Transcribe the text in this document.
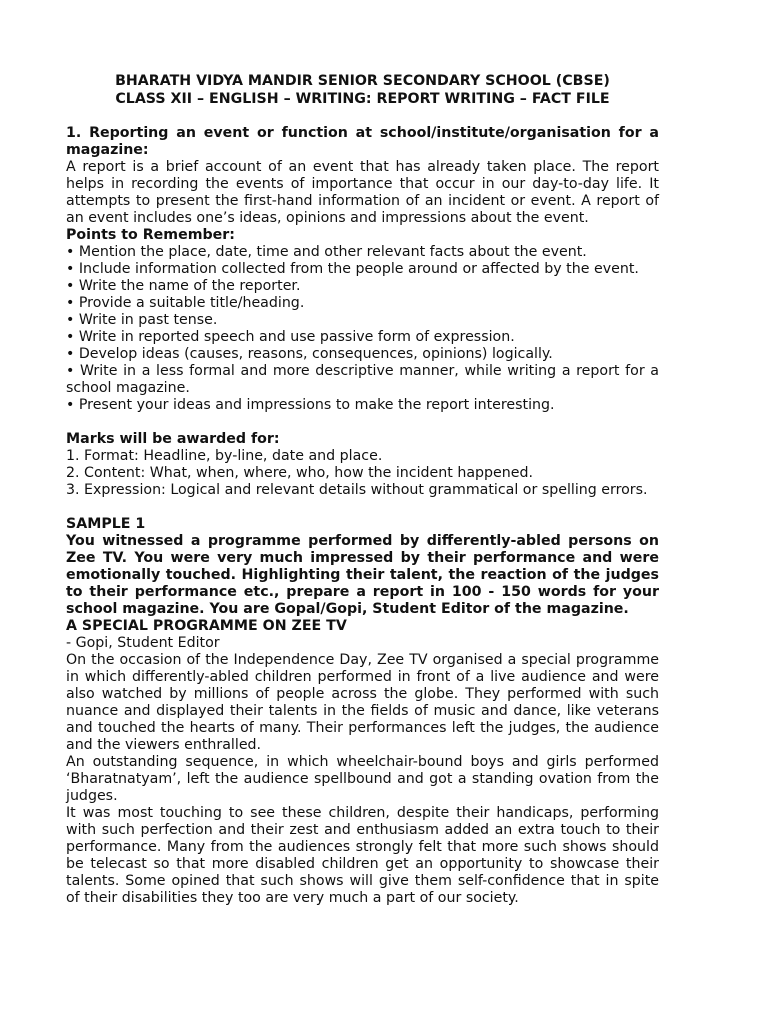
BHARATH VIDYA MANDIR SENIOR SECONDARY SCHOOL (CBSE)
CLASS XII – ENGLISH – WRITING: REPORT WRITING – FACT FILE

1. Reporting an event or function at school/institute/organisation for a magazine:

A report is a brief account of an event that has already taken place. The report helps in recording the events of importance that occur in our day-to-day life. It attempts to present the first-hand information of an incident or event. A report of an event includes one’s ideas, opinions and impressions about the event.

Points to Remember:

• Mention the place, date, time and other relevant facts about the event.

• Include information collected from the people around or affected by the event.

• Write the name of the reporter.

• Provide a suitable title/heading.

• Write in past tense.

• Write in reported speech and use passive form of expression.

• Develop ideas (causes, reasons, consequences, opinions) logically.

• Write in a less formal and more descriptive manner, while writing a report for a school magazine.

• Present your ideas and impressions to make the report interesting.

Marks will be awarded for:

1. Format: Headline, by-line, date and place.

2. Content: What, when, where, who, how the incident happened.

3. Expression: Logical and relevant details without grammatical or spelling errors.

SAMPLE 1

You witnessed a programme performed by differently-abled persons on Zee TV. You were very much impressed by their performance and were emotionally touched. Highlighting their talent, the reaction of the judges to their performance etc., prepare a report in 100 - 150 words for your school magazine. You are Gopal/Gopi, Student Editor of the magazine.

A SPECIAL PROGRAMME ON ZEE TV

- Gopi, Student Editor

On the occasion of the Independence Day, Zee TV organised a special programme in which differently-abled children performed in front of a live audience and were also watched by millions of people across the globe. They performed with such nuance and displayed their talents in the fields of music and dance, like veterans and touched the hearts of many. Their performances left the judges, the audience and the viewers enthralled.

An outstanding sequence, in which wheelchair-bound boys and girls performed ‘Bharatnatyam’, left the audience spellbound and got a standing ovation from the judges.

It was most touching to see these children, despite their handicaps, performing with such perfection and their zest and enthusiasm added an extra touch to their performance. Many from the audiences strongly felt that more such shows should be telecast so that more disabled children get an opportunity to showcase their talents. Some opined that such shows will give them self-confidence that in spite of their disabilities they too are very much a part of our society.
